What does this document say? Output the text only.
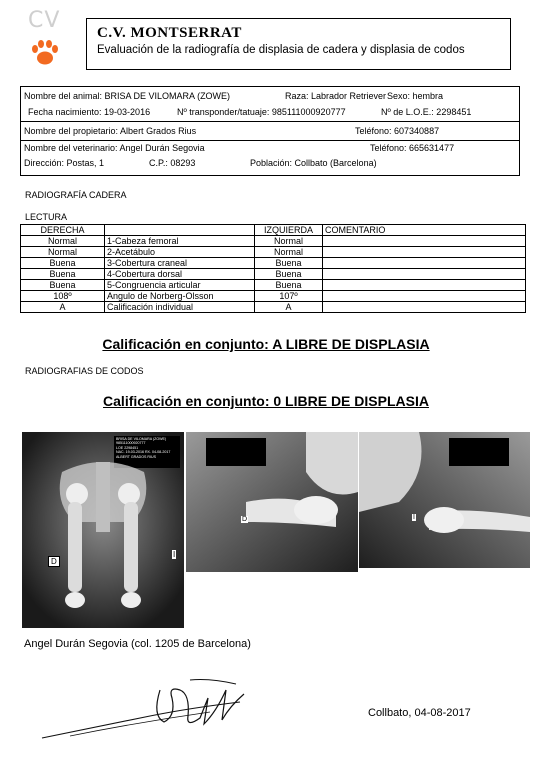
CV C.V. MONTSERRAT
Evaluación de la radiografía de displasia de cadera y displasia de codos
Nombre del animal: BRISA DE VILOMARA (ZOWE)	Raza: Labrador Retriever Sexo: hembra
Fecha nacimiento: 19-03-2016	Nº transponder/tatuaje: 985111000920777	Nº de L.O.E.: 2298451
Nombre del propietario: Albert Grados Rius	Teléfono: 607340887
Nombre del veterinario: Angel Durán Segovia	Teléfono: 665631477
Dirección: Postas, 1	C.P.: 08293	Población: Collbato (Barcelona)
RADIOGRAFÍA CADERA
LECTURA
DERECHA		IZQUIERDA	COMENTARIO
Normal	1-Cabeza femoral	Normal	
Normal	2-Acetábulo	Normal	
Buena	3-Cobertura craneal	Buena	
Buena	4-Cobertura dorsal	Buena	
Buena	5-Congruencia articular	Buena	
108º	Angulo de Norberg-Olsson	107º	
A	Calificación individual	A	
Calificación en conjunto: A LIBRE DE DISPLASIA
RADIOGRAFIAS DE CODOS
Calificación en conjunto: 0 LIBRE DE DISPLASIA
BRISA DE VILOMARA (ZOWE)
985111000920777
LOE 2298451
NAC. 19-03-2016 RX. 04-08-2017
ALBERT GRADOS RIUS
D
I
D	I
Angel Durán Segovia (col. 1205 de Barcelona)
Collbato, 04-08-2017
